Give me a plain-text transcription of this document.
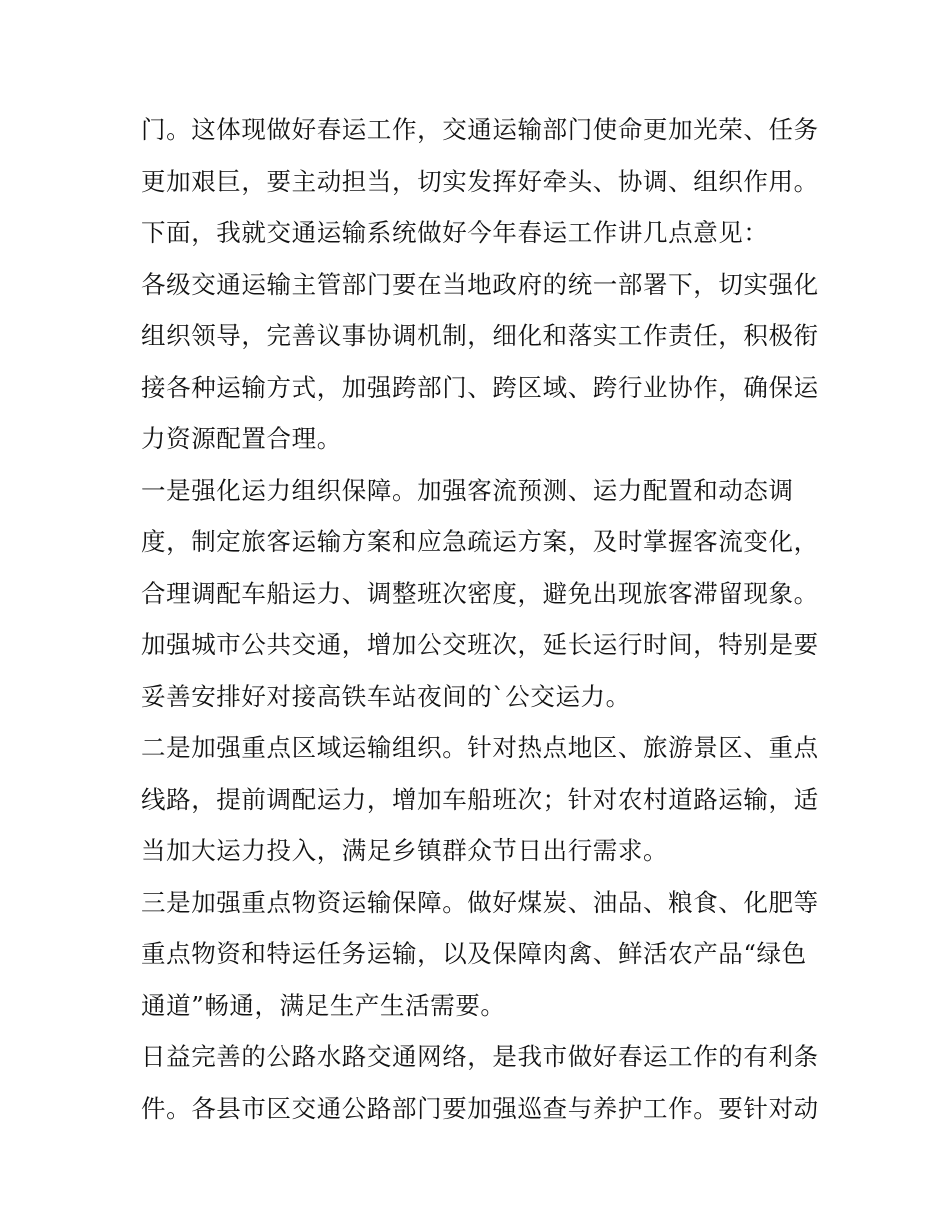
门。这体现做好春运工作，交通运输部门使命更加光荣、任务
更加艰巨，要主动担当，切实发挥好牵头、协调、组织作用。
下面，我就交通运输系统做好今年春运工作讲几点意见：
各级交通运输主管部门要在当地政府的统一部署下，切实强化
组织领导，完善议事协调机制，细化和落实工作责任，积极衔
接各种运输方式，加强跨部门、跨区域、跨行业协作，确保运
力资源配置合理。
一是强化运力组织保障。加强客流预测、运力配置和动态调
度，制定旅客运输方案和应急疏运方案，及时掌握客流变化，
合理调配车船运力、调整班次密度，避免出现旅客滞留现象。
加强城市公共交通，增加公交班次，延长运行时间，特别是要
妥善安排好对接高铁车站夜间的`公交运力。
二是加强重点区域运输组织。针对热点地区、旅游景区、重点
线路，提前调配运力，增加车船班次；针对农村道路运输，适
当加大运力投入，满足乡镇群众节日出行需求。
三是加强重点物资运输保障。做好煤炭、油品、粮食、化肥等
重点物资和特运任务运输，以及保障肉禽、鲜活农产品“绿色
通道”畅通，满足生产生活需要。
日益完善的公路水路交通网络，是我市做好春运工作的有利条
件。各县市区交通公路部门要加强巡查与养护工作。要针对动
